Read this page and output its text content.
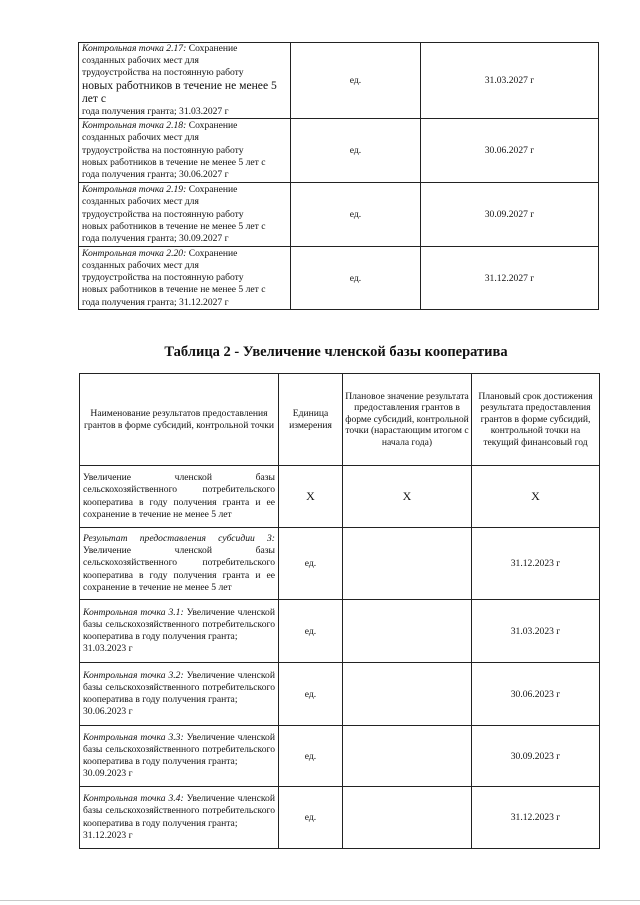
Контрольная точка 2.17: Сохранение
созданных рабочих мест для
трудоустройства на постоянную работу
новых работников в течение не менее 5 лет с
года получения гранта; 31.03.2027 г	ед.		31.03.2027 г
Контрольная точка 2.18: Сохранение
созданных рабочих мест для
трудоустройства на постоянную работу
новых работников в течение не менее 5 лет с
года получения гранта; 30.06.2027 г	ед.		30.06.2027 г
Контрольная точка 2.19: Сохранение
созданных рабочих мест для
трудоустройства на постоянную работу
новых работников в течение не менее 5 лет с
года получения гранта; 30.09.2027 г	ед.		30.09.2027 г
Контрольная точка 2.20: Сохранение
созданных рабочих мест для
трудоустройства на постоянную работу
новых работников в течение не менее 5 лет с
года получения гранта; 31.12.2027 г	ед.		31.12.2027 г
Таблица 2 - Увеличение членской базы кооператива
Наименование результатов предоставления грантов в форме субсидий, контрольной точки	Единица измерения	Плановое значение результата предоставления грантов в форме субсидий, контрольной точки (нарастающим итогом с начала года)	Плановый срок достижения результата предоставления грантов в форме субсидий, контрольной точки на текущий финансовый год
Увеличение членской базы сельскохозяйственного потребительского кооператива в году получения гранта и ее сохранение в течение не менее 5 лет	X	X	X
Результат предоставления субсидии 3: Увеличение членской базы сельскохозяйственного потребительского кооператива в году получения гранта и ее сохранение в течение не менее 5 лет	ед.		31.12.2023 г
Контрольная точка 3.1: Увеличение членской базы сельскохозяйственного потребительского кооператива в году получения гранта;
31.03.2023 г	ед.		31.03.2023 г
Контрольная точка 3.2: Увеличение членской базы сельскохозяйственного потребительского кооператива в году получения гранта;
30.06.2023 г	ед.		30.06.2023 г
Контрольная точка 3.3: Увеличение членской базы сельскохозяйственного потребительского кооператива в году получения гранта;
30.09.2023 г	ед.		30.09.2023 г
Контрольная точка 3.4: Увеличение членской базы сельскохозяйственного потребительского кооператива в году получения гранта;
31.12.2023 г	ед.		31.12.2023 г
